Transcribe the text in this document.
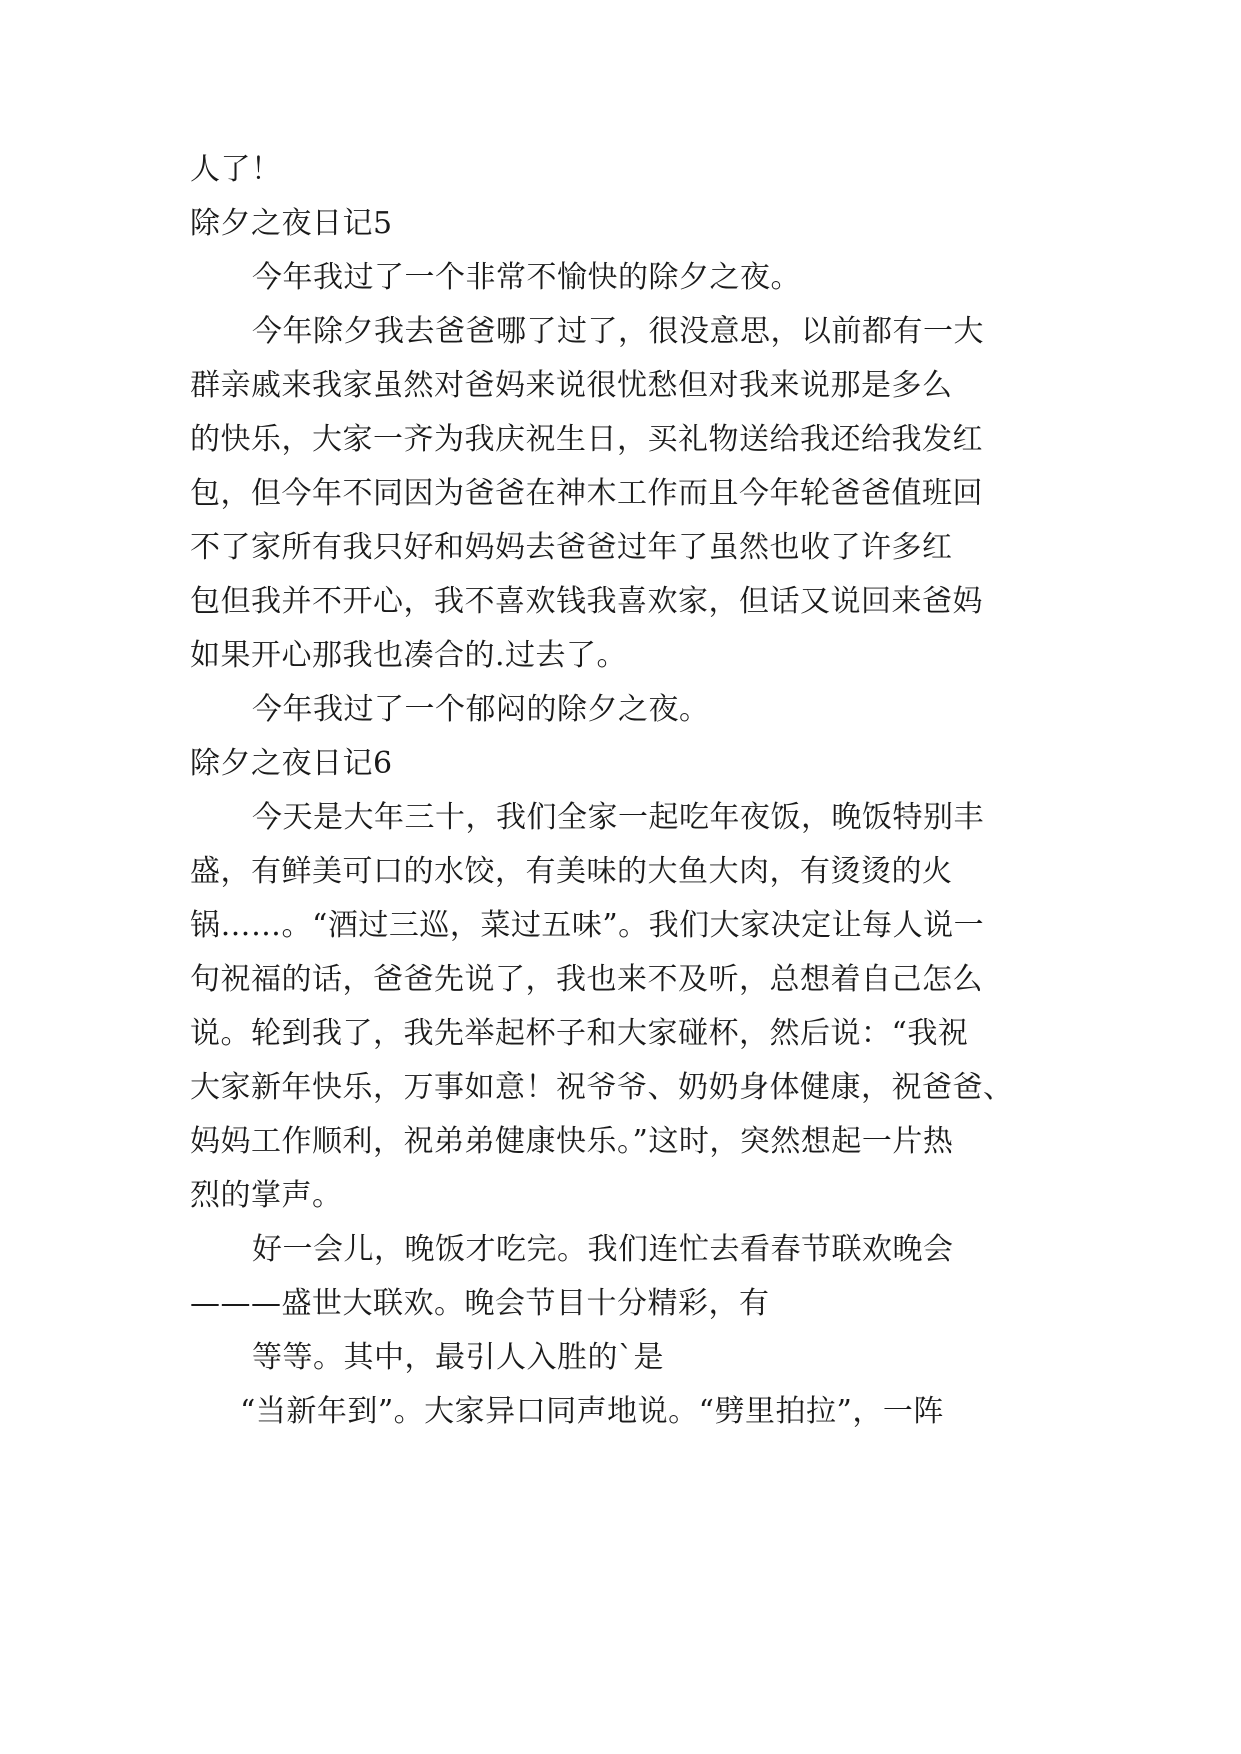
人了！
除夕之夜日记5
今年我过了一个非常不愉快的除夕之夜。
今年除夕我去爸爸哪了过了，很没意思，以前都有一大
群亲戚来我家虽然对爸妈来说很忧愁但对我来说那是多么
的快乐，大家一齐为我庆祝生日，买礼物送给我还给我发红
包，但今年不同因为爸爸在神木工作而且今年轮爸爸值班回
不了家所有我只好和妈妈去爸爸过年了虽然也收了许多红
包但我并不开心，我不喜欢钱我喜欢家，但话又说回来爸妈
如果开心那我也凑合的.过去了。
今年我过了一个郁闷的除夕之夜。
除夕之夜日记6
今天是大年三十，我们全家一起吃年夜饭，晚饭特别丰
盛，有鲜美可口的水饺，有美味的大鱼大肉，有烫烫的火
锅……。“酒过三巡，菜过五味”。我们大家决定让每人说一
句祝福的话，爸爸先说了，我也来不及听，总想着自己怎么
说。轮到我了，我先举起杯子和大家碰杯，然后说：“我祝
大家新年快乐，万事如意！祝爷爷、奶奶身体健康，祝爸爸、
妈妈工作顺利，祝弟弟健康快乐。”这时，突然想起一片热
烈的掌声。
好一会儿，晚饭才吃完。我们连忙去看春节联欢晚会
———盛世大联欢。晚会节目十分精彩，有
等等。其中，最引人入胜的`是
“当新年到”。大家异口同声地说。“劈里拍拉”，一阵
